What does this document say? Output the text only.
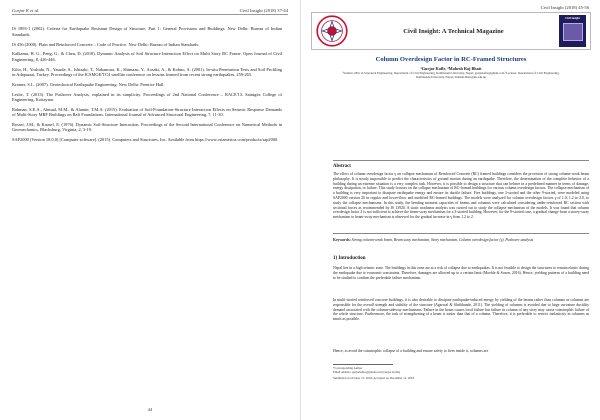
Gurjar K et al.	Civil Insight (2018) 37-44

IS 1893-1 (2002). Criteria for Earthquake Resistant Design of Structure, Part 1: General Provisions and Buildings. New Delhi: Bureau of Indian Standards.

IS 456 (2000). Plain and Reinforced Concrete – Code of Practice. New Delhi: Bureau of Indian Standards.

Kalkamu, H. G., Peng, G., & Chen, D. (2018). Dynamic Analysis of Soil Structure Interaction Effect on Multi Story RC Frame. Open Journal of Civil Engineering, 8, 426-446.

Kiho, H., Yoshida, N., Yasuda, S., Ishizaki, T., Nakamura, K., Shimazu, Y., Aosaki, A., & Kohno, A. (2001). In-situ Penetration Tests and Soil Profiling in Adapazari, Turkey. Proceedings of the ICSMGE/TC4 satellite conference on lessons learned from recent strong earthquakes, 259-265.

Kramer, S.L. (2007). Geotechnical Earthquake Engineering. New Delhi: Prentice Hall.

Leslie, T. (2013). The Pushover Analysis, explained in its simplicity. Proceedings of 2nd National Conference – RACE'13. Saintgits College of Engineering, Kottayam.

Rahman, S.E.A., Ahmad, M.M., & Alamin, T.M.A. (2015). Evaluation of Soil-Foundation-Structure Interaction Effects on Seismic Response Demands of Multi-Story MRF Buildings on Raft Foundations. International Journal of Advanced Structural Engineering, 7, 11-30.

Rosset, J.M., & Kausel, E. (1976). Dynamic Soil-Structure Interaction. Proceedings of the Second International Conference on Numerical Methods in Geomechanics, Blacksburg, Virginia, 2, 3-19.

SAP2000 (Version 18.0.0) [Computer software]. (2015). Computers and Structures, Inc. Available from https://www.csiamerica.com/products/sap2000.

44
Civil Insight (2018) 45-56
Civil Insight: A Technical Magazine
Civil Insight
Column Overdesign Factor in RC-Framed Structures
¹Gurjar Kafle, ²Mahesh Raj Bhatt
¹Student, MSc in Structural Engineering, Department of Civil Engineering, Kathmandu University, Nepal; gurjarkafle@gmail.com ²Lecturer, Department of Civil Engineering, Kathmandu University, Nepal; mahesh.bhatt@ku.edu.np
Abstract

The effect of column overdesign factor γ on collapse mechanism of Reinforced Concrete (RC) framed buildings considers the provision of strong column-weak beam philosophy. It is nearly impossible to predict the characteristics of ground motion during an earthquake. Therefore, the determination of the complete behavior of a building during an extreme situation is a very complex task. However, it is possible to design a structure that can behave in a predefined manner in terms of damage, energy dissipation, or failure. This study focuses on the collapse mechanism of RC-framed buildings for various column overdesign factors. The collapse mechanism of a building is very important to dissipate earthquake energy and ensure its ductile failure. Five buildings, one 3-storied and the other 9-storied, were modeled using SAP2000 version 20 in regular and lower-floor and modified RC-framed buildings. The models were analyzed for column overdesign factors γ of 1.0, 1.2 to 2.0, to study the collapse mechanisms. In this study, the bending moment capacities of beams and columns were calculated considering under-reinforced RC section with sectional forces as recommended by IS 13920. A static nonlinear analysis was carried out to study the collapse mechanism of the models. It was found that column overdesign factor 2 is not sufficient to achieve the beam-sway mechanism for a 3-storied building. However, for the 9-storied case, a gradual change from a storey-sway mechanism to beam-sway mechanism is observed for the gradual increase in γ from 1.2 to 2.

Keywords: Strong column-weak beam, Beam sway mechanism, Story mechanism, Column overdesign factor (γ), Pushover analysis

1) Introduction

Nepal lies in a high seismic zone. The buildings in this zone are at a risk of collapse due to earthquakes. It is not feasible to design the structures to remain elastic during the earthquake due to economic constraints. Therefore, damages are allowed up to a certain limit (Moehle & Sozen, 2016). Hence, yielding patterns of a building need to be studied to confirm the preferable failure mechanism.

In multi-storied reinforced concrete buildings, it is also desirable to dissipate earthquake-induced energy by yielding of the beams rather than columns as columns are responsible for the overall strength and stability of the structure (Agarwal & Shrikhande, 2011). The yielding of columns is avoided due to large curvature ductility demand associated with the column-sideway mechanisms. Failure in the beam causes local failure but failure in column of any story may cause catastrophic failure of the whole structure. Furthermore, the task of strengthening of a beam is easier than that of a column. Therefore, it is preferable to restrict inelasticity in columns as much as possible.

Hence, to avoid the catastrophic collapse of a building and ensure safety to lives inside it, columns are

*Corresponding Author
Email address: gurjarkafle@gmail.com (Gurjar Kafle)
Submitted on October 15, 2018; Accepted on December 12, 2018
